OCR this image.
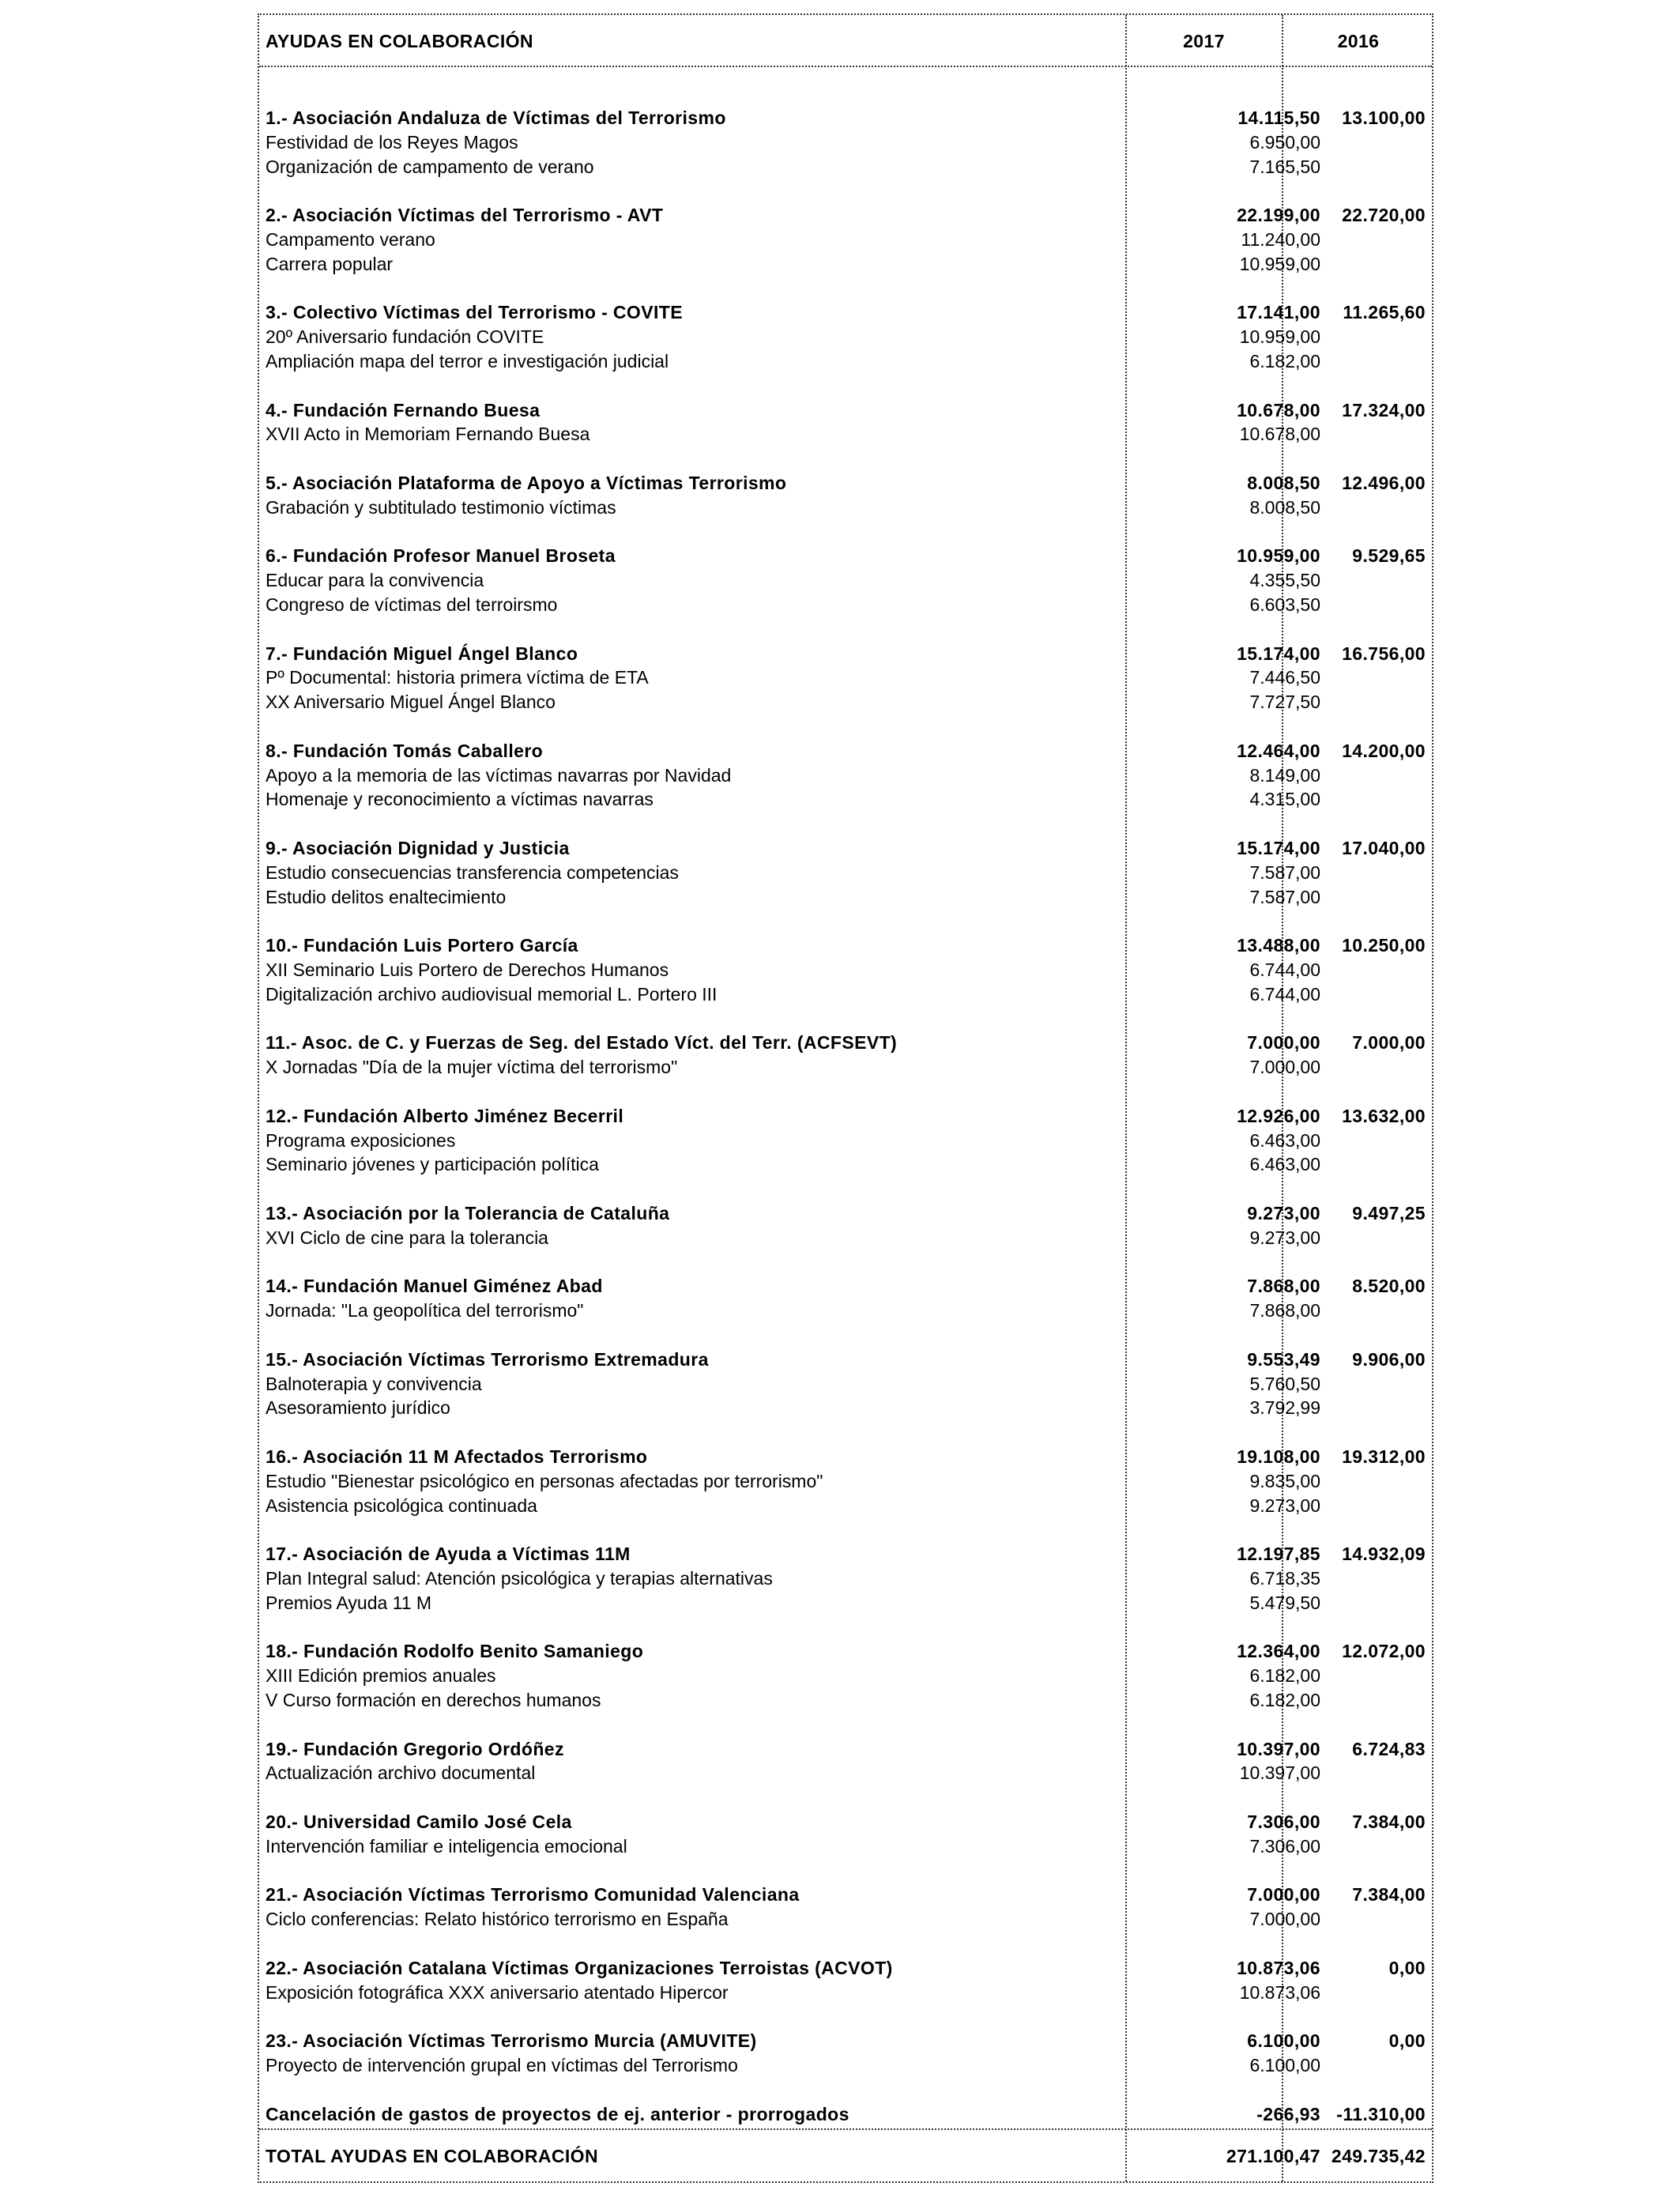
AYUDAS EN COLABORACIÓN	2017	2016
1.- Asociación Andaluza de Víctimas del Terrorismo	14.115,50	13.100,00
Festividad de los Reyes Magos	6.950,00
Organización de campamento de verano	7.165,50
2.- Asociación Víctimas del Terrorismo - AVT	22.199,00	22.720,00
Campamento verano	11.240,00
Carrera popular	10.959,00
3.- Colectivo Víctimas del Terrorismo - COVITE	17.141,00	11.265,60
20º Aniversario fundación COVITE	10.959,00
Ampliación mapa del terror e investigación judicial	6.182,00
4.- Fundación Fernando Buesa	10.678,00	17.324,00
XVII Acto in Memoriam Fernando Buesa	10.678,00
5.- Asociación Plataforma de Apoyo a Víctimas Terrorismo	8.008,50	12.496,00
Grabación y subtitulado testimonio víctimas	8.008,50
6.- Fundación Profesor Manuel Broseta	10.959,00	9.529,65
Educar para la convivencia	4.355,50
Congreso de víctimas del terroirsmo	6.603,50
7.- Fundación Miguel Ángel Blanco	15.174,00	16.756,00
Pº Documental: historia primera víctima de ETA	7.446,50
XX Aniversario Miguel Ángel Blanco	7.727,50
8.- Fundación Tomás Caballero	12.464,00	14.200,00
Apoyo a la memoria de las víctimas navarras por Navidad	8.149,00
Homenaje y reconocimiento a víctimas navarras	4.315,00
9.- Asociación Dignidad y Justicia	15.174,00	17.040,00
Estudio consecuencias transferencia competencias	7.587,00
Estudio delitos enaltecimiento	7.587,00
10.- Fundación Luis Portero García	13.488,00	10.250,00
XII Seminario Luis Portero de Derechos Humanos	6.744,00
Digitalización archivo audiovisual memorial L. Portero III	6.744,00
11.- Asoc. de C. y Fuerzas de Seg. del Estado Víct. del Terr. (ACFSEVT)	7.000,00	7.000,00
X Jornadas "Día de la mujer víctima del terrorismo"	7.000,00
12.- Fundación Alberto Jiménez Becerril	12.926,00	13.632,00
Programa exposiciones	6.463,00
Seminario jóvenes y participación política	6.463,00
13.- Asociación por la Tolerancia de Cataluña	9.273,00	9.497,25
XVI Ciclo de cine para la tolerancia	9.273,00
14.- Fundación Manuel Giménez Abad	7.868,00	8.520,00
Jornada: "La geopolítica del terrorismo"	7.868,00
15.- Asociación Víctimas Terrorismo Extremadura	9.553,49	9.906,00
Balnoterapia y convivencia	5.760,50
Asesoramiento jurídico	3.792,99
16.- Asociación 11 M Afectados Terrorismo	19.108,00	19.312,00
Estudio "Bienestar psicológico en personas afectadas por terrorismo"	9.835,00
Asistencia psicológica continuada	9.273,00
17.- Asociación de Ayuda a Víctimas 11M	12.197,85	14.932,09
Plan Integral salud: Atención psicológica y terapias alternativas	6.718,35
Premios Ayuda 11 M	5.479,50
18.- Fundación Rodolfo Benito Samaniego	12.364,00	12.072,00
XIII Edición premios anuales	6.182,00
V Curso formación en derechos humanos	6.182,00
19.- Fundación Gregorio Ordóñez	10.397,00	6.724,83
Actualización archivo documental	10.397,00
20.- Universidad Camilo José Cela	7.306,00	7.384,00
Intervención familiar e inteligencia emocional	7.306,00
21.- Asociación Víctimas Terrorismo Comunidad Valenciana	7.000,00	7.384,00
Ciclo conferencias: Relato histórico terrorismo en España	7.000,00
22.- Asociación Catalana Víctimas Organizaciones Terroistas (ACVOT)	10.873,06	0,00
Exposición fotográfica XXX aniversario atentado Hipercor	10.873,06
23.- Asociación Víctimas Terrorismo Murcia (AMUVITE)	6.100,00	0,00
Proyecto de intervención grupal en víctimas del Terrorismo	6.100,00
Cancelación de gastos de proyectos de ej. anterior - prorrogados	-266,93 -11.310,00
TOTAL AYUDAS EN COLABORACIÓN	271.100,47 249.735,42
